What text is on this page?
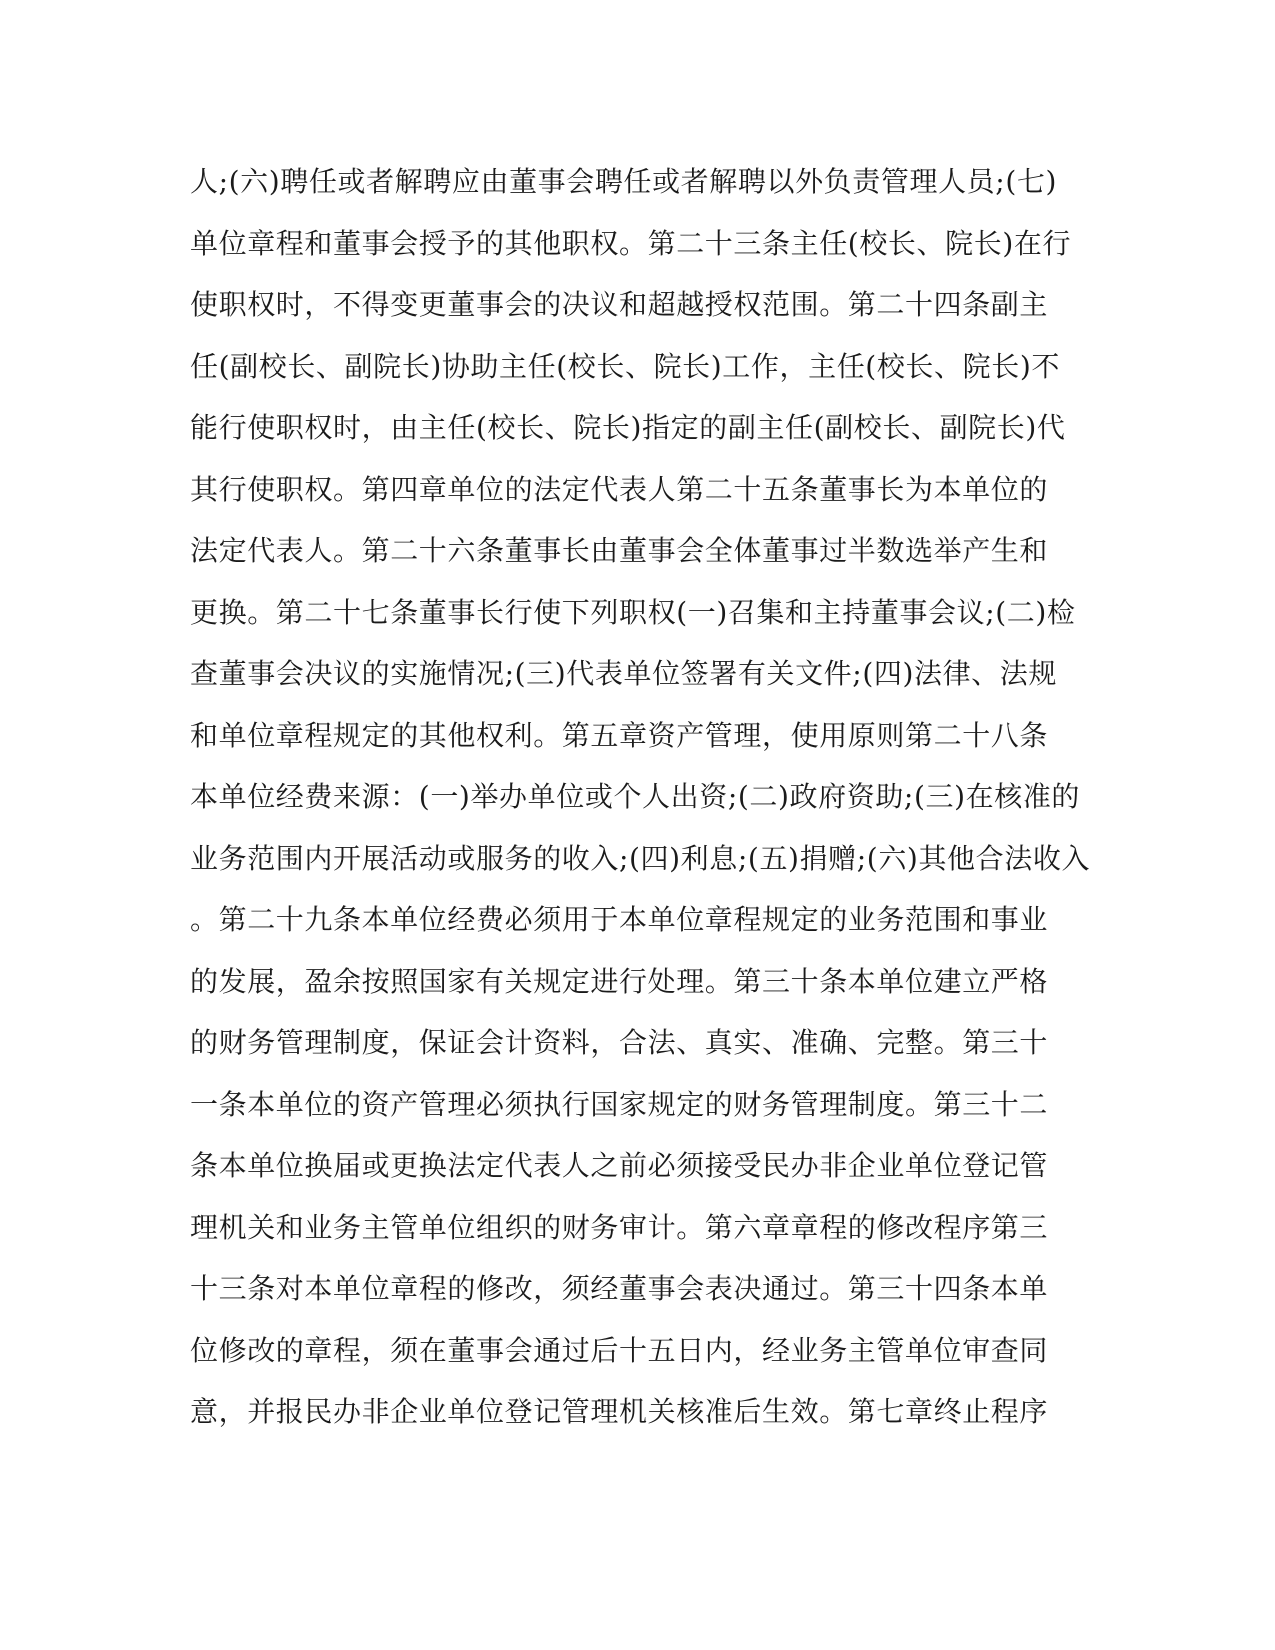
人;(六)聘任或者解聘应由董事会聘任或者解聘以外负责管理人员;(七)
单位章程和董事会授予的其他职权。第二十三条主任(校长、院长)在行
使职权时，不得变更董事会的决议和超越授权范围。第二十四条副主
任(副校长、副院长)协助主任(校长、院长)工作，主任(校长、院长)不
能行使职权时，由主任(校长、院长)指定的副主任(副校长、副院长)代
其行使职权。第四章单位的法定代表人第二十五条董事长为本单位的
法定代表人。第二十六条董事长由董事会全体董事过半数选举产生和
更换。第二十七条董事长行使下列职权(一)召集和主持董事会议;(二)检
查董事会决议的实施情况;(三)代表单位签署有关文件;(四)法律、法规
和单位章程规定的其他权利。第五章资产管理，使用原则第二十八条
本单位经费来源：(一)举办单位或个人出资;(二)政府资助;(三)在核准的
业务范围内开展活动或服务的收入;(四)利息;(五)捐赠;(六)其他合法收入
。第二十九条本单位经费必须用于本单位章程规定的业务范围和事业
的发展，盈余按照国家有关规定进行处理。第三十条本单位建立严格
的财务管理制度，保证会计资料，合法、真实、准确、完整。第三十
一条本单位的资产管理必须执行国家规定的财务管理制度。第三十二
条本单位换届或更换法定代表人之前必须接受民办非企业单位登记管
理机关和业务主管单位组织的财务审计。第六章章程的修改程序第三
十三条对本单位章程的修改，须经董事会表决通过。第三十四条本单
位修改的章程，须在董事会通过后十五日内，经业务主管单位审查同
意，并报民办非企业单位登记管理机关核准后生效。第七章终止程序
